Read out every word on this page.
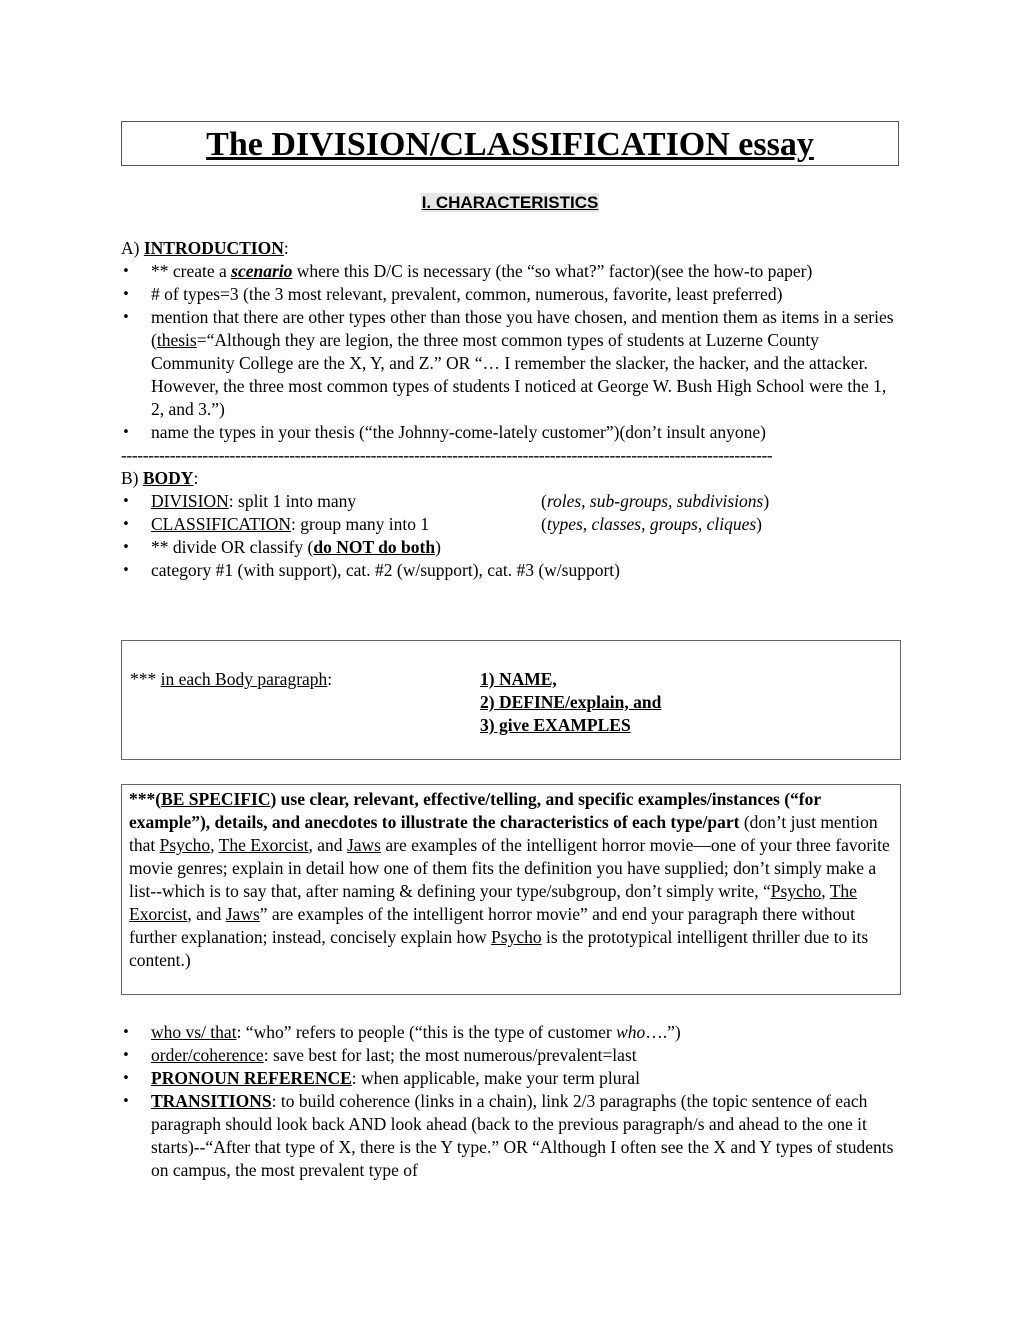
The DIVISION/CLASSIFICATION essay
I. CHARACTERISTICS

A) INTRODUCTION:

• ** create a scenario where this D/C is necessary (the “so what?” factor)(see the how-to paper)
• # of types=3 (the 3 most relevant, prevalent, common, numerous, favorite, least preferred)
• mention that there are other types other than those you have chosen, and mention them as items in a series (thesis=“Although they are legion, the three most common types of students at Luzerne County Community College are the X, Y, and Z.” OR “… I remember the slacker, the hacker, and the attacker. However, the three most common types of students I noticed at George W. Bush High School were the 1, 2, and 3.”)
• name the types in your thesis (“the Johnny-come-lately customer”)(don’t insult anyone)
------------------------------------------------------------------------------------------------------------------------

B) BODY:

• DIVISION: split 1 into many	(roles, sub-groups, subdivisions)
• CLASSIFICATION: group many into 1	(types, classes, groups, cliques)
• ** divide OR classify (do NOT do both)
• category #1 (with support), cat. #2 (w/support), cat. #3 (w/support)
*** in each Body paragraph:	1) NAME,
2) DEFINE/explain, and
3) give EXAMPLES
***(BE SPECIFIC) use clear, relevant, effective/telling, and specific examples/instances (“for example”), details, and anecdotes to illustrate the characteristics of each type/part (don’t just mention that Psycho, The Exorcist, and Jaws are examples of the intelligent horror movie—one of your three favorite movie genres; explain in detail how one of them fits the definition you have supplied; don’t simply make a list--which is to say that, after naming & defining your type/subgroup, don’t simply write, “Psycho, The Exorcist, and Jaws” are examples of the intelligent horror movie” and end your paragraph there without further explanation; instead, concisely explain how Psycho is the prototypical intelligent thriller due to its content.)
• who vs/ that: “who” refers to people (“this is the type of customer who….”)
• order/coherence: save best for last; the most numerous/prevalent=last
• PRONOUN REFERENCE: when applicable, make your term plural
• TRANSITIONS: to build coherence (links in a chain), link 2/3 paragraphs (the topic sentence of each paragraph should look back AND look ahead (back to the previous paragraph/s and ahead to the one it starts)--“After that type of X, there is the Y type.” OR “Although I often see the X and Y types of students on campus, the most prevalent type of
